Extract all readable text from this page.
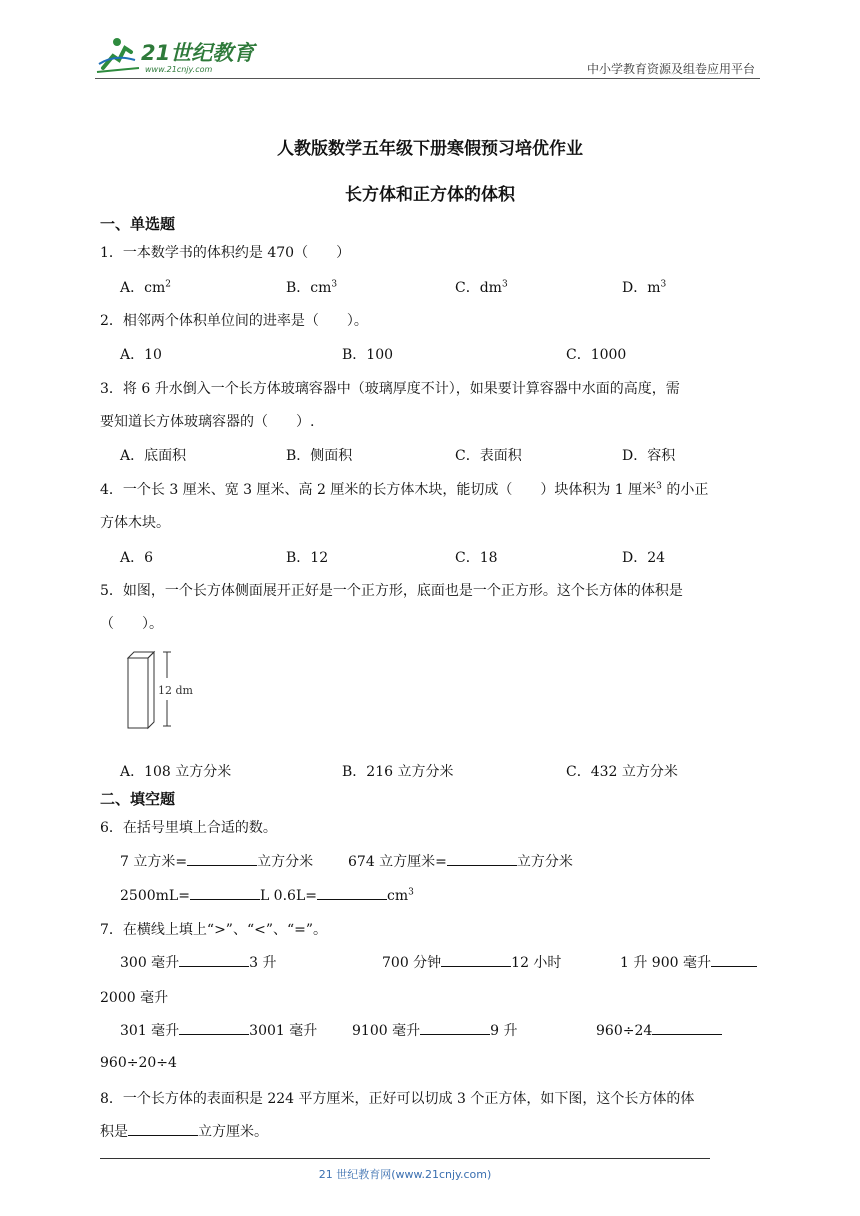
21世纪教育
www.21cnjy.com	中小学教育资源及组卷应用平台
人教版数学五年级下册寒假预习培优作业
长方体和正方体的体积
一、单选题
1．一本数学书的体积约是 470（　　）
A．$cm^2$	B．$cm^3$	C．$dm^3$	D．$m^3$
2．相邻两个体积单位间的进率是（　　）。
A．10	B．100	C．1000
3．将 6 升水倒入一个长方体玻璃容器中（玻璃厚度不计），如果要计算容器中水面的高度，需
要知道长方体玻璃容器的（　　）.
A．底面积	B．侧面积	C．表面积	D．容积
4．一个长 3 厘米、宽 3 厘米、高 2 厘米的长方体木块，能切成（　　）块体积为 1 厘米$^3$ 的小正
方体木块。
A．6	B．12	C．18	D．24
5．如图，一个长方体侧面展开正好是一个正方形，底面也是一个正方形。这个长方体的体积是
（　　）。
12 dm
A．108 立方分米	B．216 立方分米	C．432 立方分米
二、填空题
6．在括号里填上合适的数。
7 立方米=	立方分米 674 立方厘米=	立方分米
2500mL=	L 0.6L=	$cm^3$
7．在横线上填上“>”、“<”、“=”。
300 毫升	3 升	700 分钟	12 小时	1 升 900 毫升
2000 毫升
301 毫升	3001 毫升 9100 毫升	9 升	960÷24
960÷20÷4
8．一个长方体的表面积是 224 平方厘米，正好可以切成 3 个正方体，如下图，这个长方体的体
积是	立方厘米。
21 世纪教育网(www.21cnjy.com)
